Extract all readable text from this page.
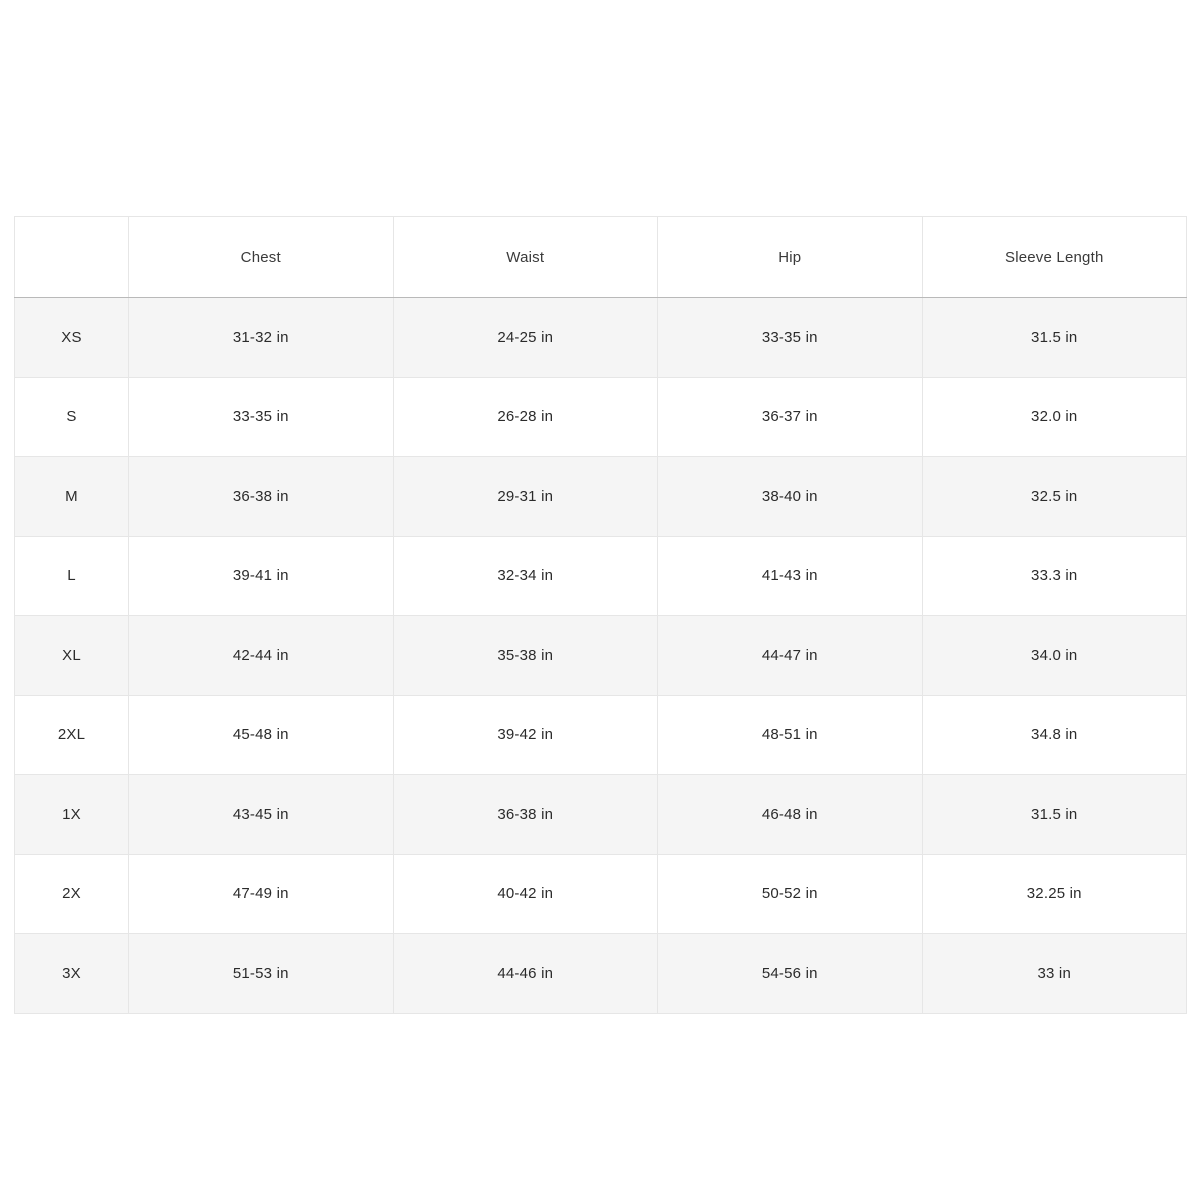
	Chest	Waist	Hip	Sleeve Length
XS	31-32 in	24-25 in	33-35 in	31.5 in
S	33-35 in	26-28 in	36-37 in	32.0 in
M	36-38 in	29-31 in	38-40 in	32.5 in
L	39-41 in	32-34 in	41-43 in	33.3 in
XL	42-44 in	35-38 in	44-47 in	34.0 in
2XL	45-48 in	39-42 in	48-51 in	34.8 in
1X	43-45 in	36-38 in	46-48 in	31.5 in
2X	47-49 in	40-42 in	50-52 in	32.25 in
3X	51-53 in	44-46 in	54-56 in	33 in
